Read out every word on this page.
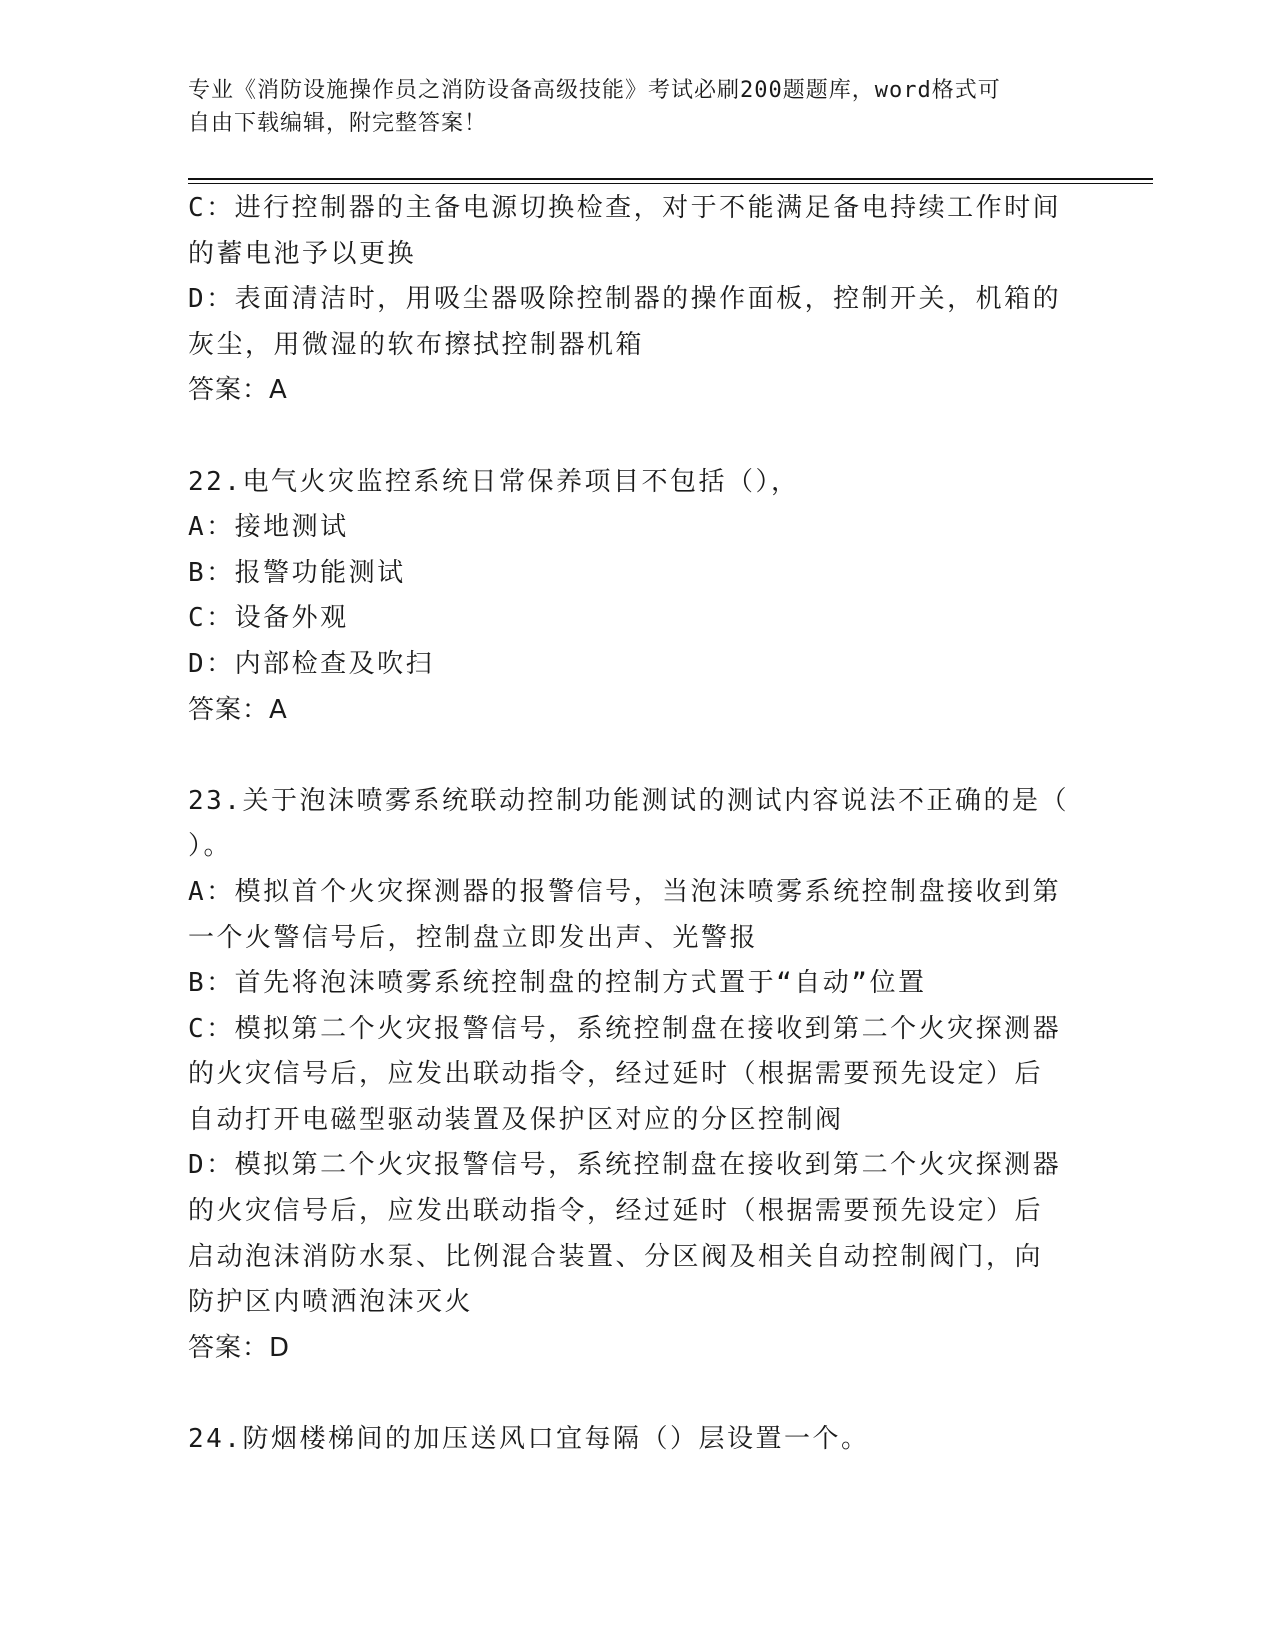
专业《消防设施操作员之消防设备高级技能》考试必刷200题题库，word格式可
自由下载编辑，附完整答案！
C：进行控制器的主备电源切换检查，对于不能满足备电持续工作时间
的蓄电池予以更换
D：表面清洁时，用吸尘器吸除控制器的操作面板，控制开关，机箱的
灰尘，用微湿的软布擦拭控制器机箱
答案：A
22.电气火灾监控系统日常保养项目不包括（），
A：接地测试
B：报警功能测试
C：设备外观
D：内部检查及吹扫
答案：A
23.关于泡沫喷雾系统联动控制功能测试的测试内容说法不正确的是（
）。
A：模拟首个火灾探测器的报警信号，当泡沫喷雾系统控制盘接收到第
一个火警信号后，控制盘立即发出声、光警报
B：首先将泡沫喷雾系统控制盘的控制方式置于“自动”位置
C：模拟第二个火灾报警信号，系统控制盘在接收到第二个火灾探测器
的火灾信号后，应发出联动指令，经过延时（根据需要预先设定）后
自动打开电磁型驱动装置及保护区对应的分区控制阀
D：模拟第二个火灾报警信号，系统控制盘在接收到第二个火灾探测器
的火灾信号后，应发出联动指令，经过延时（根据需要预先设定）后
启动泡沫消防水泵、比例混合装置、分区阀及相关自动控制阀门，向
防护区内喷洒泡沫灭火
答案：D
24.防烟楼梯间的加压送风口宜每隔（）层设置一个。
